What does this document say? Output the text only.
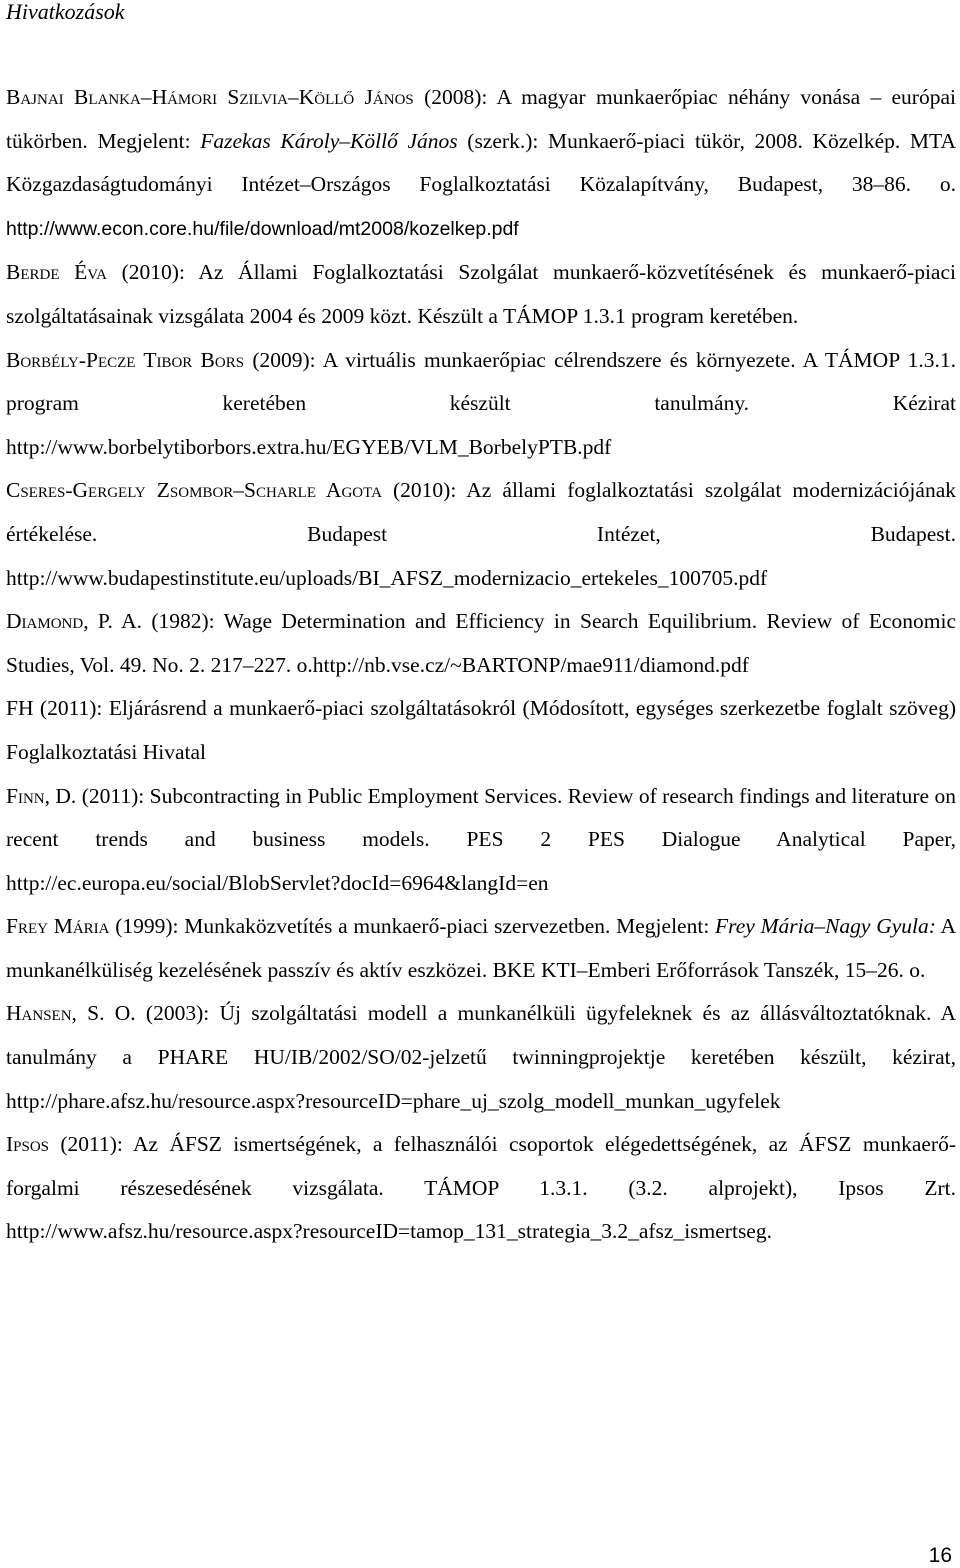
Hivatkozások

Bajnai Blanka–Hámori Szilvia–Köllő János (2008): A magyar munkaerőpiac néhány vonása – európai tükörben. Megjelent: Fazekas Károly–Köllő János (szerk.): Munkaerő-piaci tükör, 2008. Közelkép. MTA Közgazdaságtudományi Intézet–Országos Foglalkoztatási Közalapítvány, Budapest, 38–86. o. http://www.econ.core.hu/file/download/mt2008/kozelkep.pdf

Berde Éva (2010): Az Állami Foglalkoztatási Szolgálat munkaerő-közvetítésének és munkaerő-piaci szolgáltatásainak vizsgálata 2004 és 2009 közt. Készült a TÁMOP 1.3.1 program keretében.

Borbély-Pecze Tibor Bors (2009): A virtuális munkaerőpiac célrendszere és környezete. A TÁMOP 1.3.1. program keretében készült tanulmány. Kézirat http://www.borbelytiborbors.extra.hu/EGYEB/VLM_BorbelyPTB.pdf

Cseres-Gergely Zsombor–Scharle Agota (2010): Az állami foglalkoztatási szolgálat modernizációjának értékelése. Budapest Intézet, Budapest. http://www.budapestinstitute.eu/uploads/BI_AFSZ_modernizacio_ertekeles_100705.pdf

Diamond, P. A. (1982): Wage Determination and Efficiency in Search Equilibrium. Review of Economic Studies, Vol. 49. No. 2. 217–227. o.http://nb.vse.cz/~BARTONP/mae911/diamond.pdf

FH (2011): Eljárásrend a munkaerő-piaci szolgáltatásokról (Módosított, egységes szerkezetbe foglalt szöveg) Foglalkoztatási Hivatal

Finn, D. (2011): Subcontracting in Public Employment Services. Review of research findings and literature on recent trends and business models. PES 2 PES Dialogue Analytical Paper, http://ec.europa.eu/social/BlobServlet?docId=6964&langId=en

Frey Mária (1999): Munkaközvetítés a munkaerő-piaci szervezetben. Megjelent: Frey Mária–Nagy Gyula: A munkanélküliség kezelésének passzív és aktív eszközei. BKE KTI–Emberi Erőforrások Tanszék, 15–26. o.

Hansen, S. O. (2003): Új szolgáltatási modell a munkanélküli ügyfeleknek és az állásváltoztatóknak. A tanulmány a PHARE HU/IB/2002/SO/02-jelzetű twinningprojektje keretében készült, kézirat, http://phare.afsz.hu/resource.aspx?resourceID=phare_uj_szolg_modell_munkan_ugyfelek

Ipsos (2011): Az ÁFSZ ismertségének, a felhasználói csoportok elégedettségének, az ÁFSZ munkaerő-forgalmi részesedésének vizsgálata. TÁMOP 1.3.1. (3.2. alprojekt), Ipsos Zrt. http://www.afsz.hu/resource.aspx?resourceID=tamop_131_strategia_3.2_afsz_ismertseg.

16
